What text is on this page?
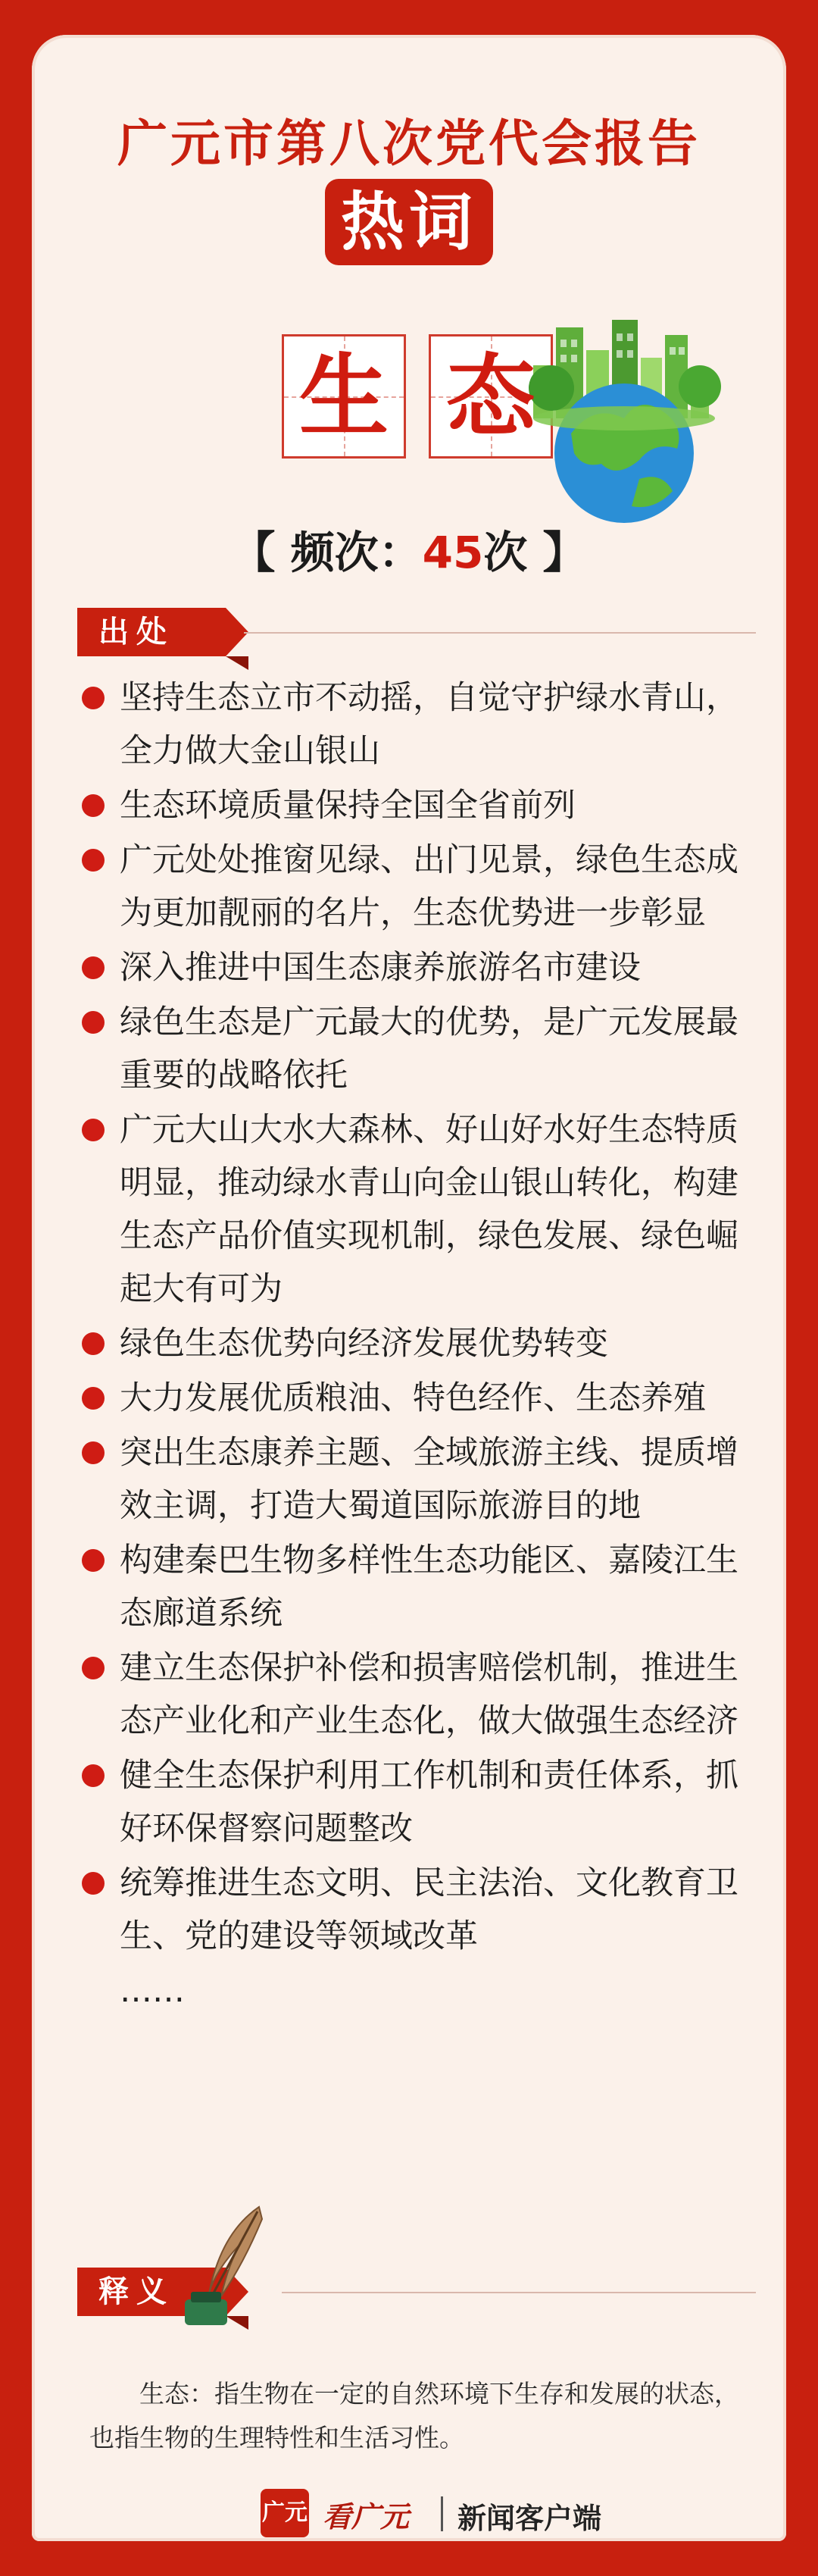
广元市第八次党代会报告
热词
生 态
【 频次：45次 】
出处
坚持生态立市不动摇，自觉守护绿水青山，全力做大金山银山
生态环境质量保持全国全省前列
广元处处推窗见绿、出门见景，绿色生态成为更加靓丽的名片，生态优势进一步彰显
深入推进中国生态康养旅游名市建设
绿色生态是广元最大的优势，是广元发展最重要的战略依托
广元大山大水大森林、好山好水好生态特质明显，推动绿水青山向金山银山转化，构建生态产品价值实现机制，绿色发展、绿色崛起大有可为
绿色生态优势向经济发展优势转变
大力发展优质粮油、特色经作、生态养殖
突出生态康养主题、全域旅游主线、提质增效主调，打造大蜀道国际旅游目的地
构建秦巴生物多样性生态功能区、嘉陵江生态廊道系统
建立生态保护补偿和损害赔偿机制，推进生态产业化和产业生态化，做大做强生态经济
健全生态保护利用工作机制和责任体系，抓好环保督察问题整改
统筹推进生态文明、民主法治、文化教育卫生、党的建设等领域改革
……
释义
生态：指生物在一定的自然环境下生存和发展的状态，也指生物的生理特性和生活习性。
广元 看广元 新闻客户端
